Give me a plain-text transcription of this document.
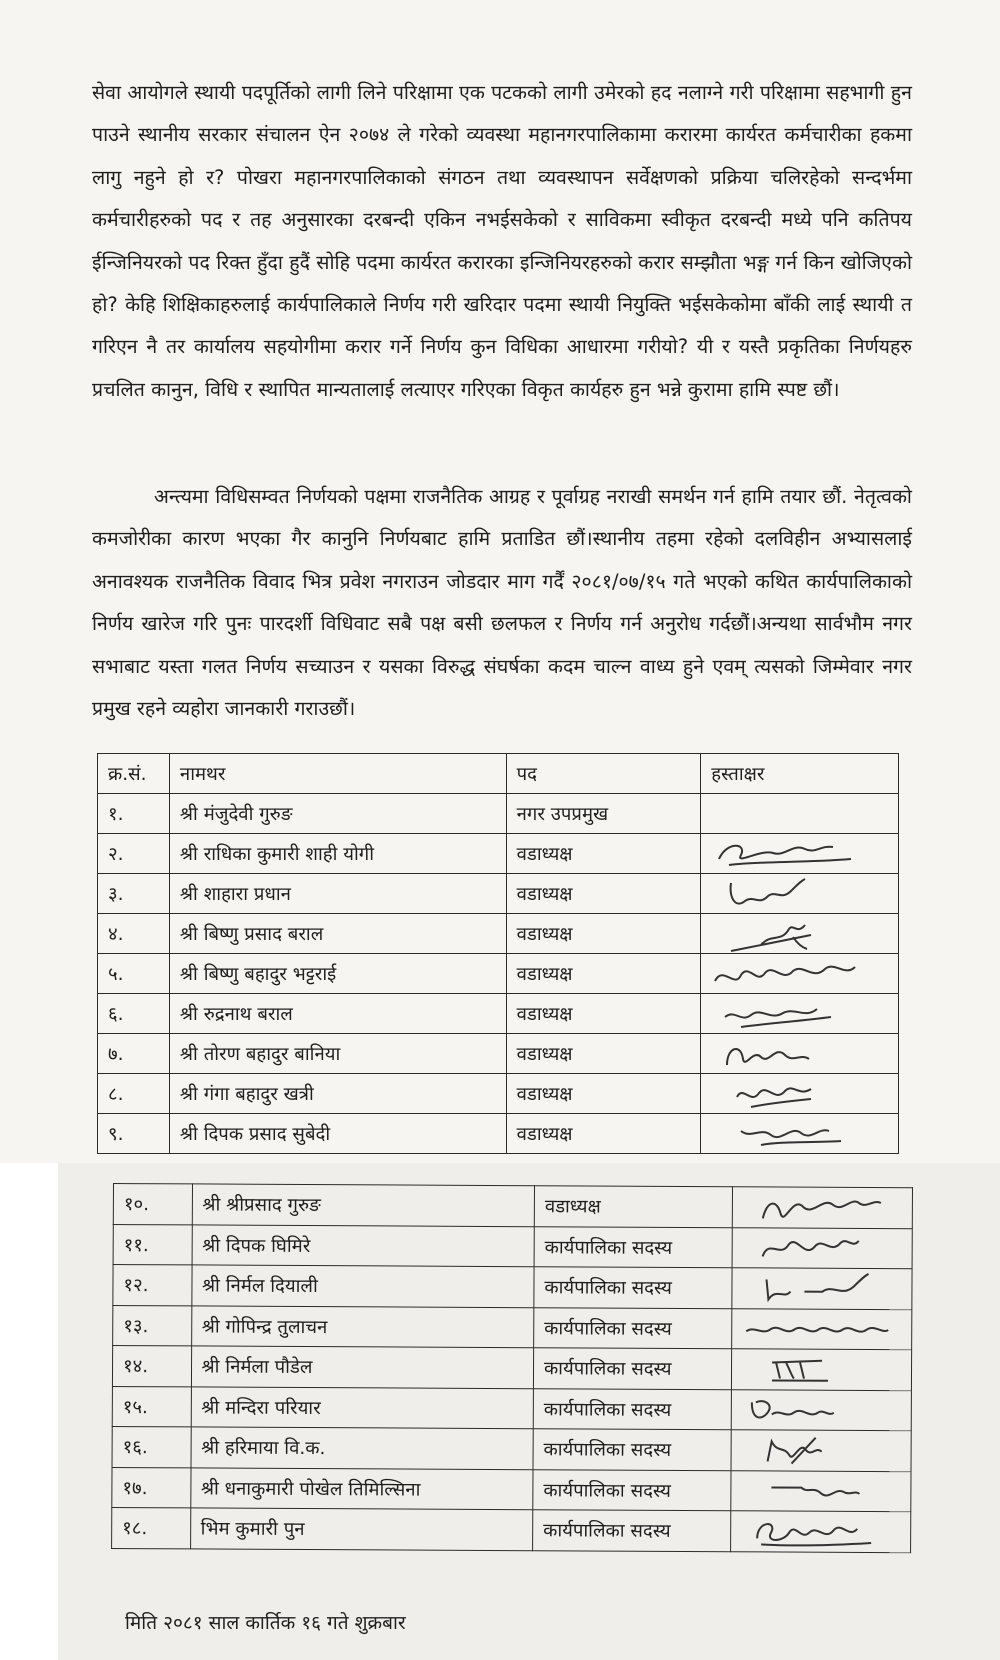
सेवा आयोगले स्थायी पदपूर्तिको लागी लिने परिक्षामा एक पटकको लागी उमेरको हद नलाग्ने गरी परिक्षामा सहभागी हुन पाउने स्थानीय सरकार संचालन ऐन २०७४ ले गरेको व्यवस्था महानगरपालिकामा करारमा कार्यरत कर्मचारीका हकमा लागु नहुने हो र? पोखरा महानगरपालिकाको संगठन तथा व्यवस्थापन सर्वेक्षणको प्रक्रिया चलिरहेको सन्दर्भमा कर्मचारीहरुको पद र तह अनुसारका दरबन्दी एकिन नभईसकेको र साविकमा स्वीकृत दरबन्दी मध्ये पनि कतिपय ईन्जिनियरको पद रिक्त हुँदा हुदैं सोहि पदमा कार्यरत करारका इन्जिनियरहरुको करार सम्झौता भङ्ग गर्न किन खोजिएको हो? केहि शिक्षिकाहरुलाई कार्यपालिकाले निर्णय गरी खरिदार पदमा स्थायी नियुक्ति भईसकेकोमा बाँकी लाई स्थायी त गरिएन नै तर कार्यालय सहयोगीमा करार गर्ने निर्णय कुन विधिका आधारमा गरीयो? यी र यस्तै प्रकृतिका निर्णयहरु प्रचलित कानुन, विधि र स्थापित मान्यतालाई लत्याएर गरिएका विकृत कार्यहरु हुन भन्ने कुरामा हामि स्पष्ट छौं।

अन्त्यमा विधिसम्वत निर्णयको पक्षमा राजनैतिक आग्रह र पूर्वाग्रह नराखी समर्थन गर्न हामि तयार छौं. नेतृत्वको कमजोरीका कारण भएका गैर कानुनि निर्णयबाट हामि प्रताडित छौं।स्थानीय तहमा रहेको दलविहीन अभ्यासलाई अनावश्यक राजनैतिक विवाद भित्र प्रवेश नगराउन जोडदार माग गर्दैं २०८१/०७/१५ गते भएको कथित कार्यपालिकाको निर्णय खारेज गरि पुनः पारदर्शी विधिवाट सबै पक्ष बसी छलफल र निर्णय गर्न अनुरोध गर्दछौं।अन्यथा सार्वभौम नगर सभाबाट यस्ता गलत निर्णय सच्याउन र यसका विरुद्ध संघर्षका कदम चाल्न वाध्य हुने एवम् त्यसको जिम्मेवार नगर प्रमुख रहने व्यहोरा जानकारी गराउछौं।

क्र.सं.	नामथर	पद	हस्ताक्षर
१.	श्री मंजुदेवी गुरुङ	नगर उपप्रमुख	
२.	श्री राधिका कुमारी शाही योगी	वडाध्यक्ष	

३.	श्री शाहारा प्रधान	वडाध्यक्ष	

४.	श्री बिष्णु प्रसाद बराल	वडाध्यक्ष	

५.	श्री बिष्णु बहादुर भट्टराई	वडाध्यक्ष	

६.	श्री रुद्रनाथ बराल	वडाध्यक्ष	

७.	श्री तोरण बहादुर बानिया	वडाध्यक्ष	

८.	श्री गंगा बहादुर खत्री	वडाध्यक्ष	

९.	श्री दिपक प्रसाद सुबेदी	वडाध्यक्ष	
१०.	श्री श्रीप्रसाद गुरुङ	वडाध्यक्ष	

११.	श्री दिपक घिमिरे	कार्यपालिका सदस्य	

१२.	श्री निर्मल दियाली	कार्यपालिका सदस्य	

१३.	श्री गोपिन्द्र तुलाचन	कार्यपालिका सदस्य	

१४.	श्री निर्मला पौडेल	कार्यपालिका सदस्य	

१५.	श्री मन्दिरा परियार	कार्यपालिका सदस्य	

१६.	श्री हरिमाया वि.क.	कार्यपालिका सदस्य	

१७.	श्री धनाकुमारी पोखेल तिमिल्सिना	कार्यपालिका सदस्य	

१८.	भिम कुमारी पुन	कार्यपालिका सदस्य	

मिति २०८१ साल कार्तिक १६ गते शुक्रबार
